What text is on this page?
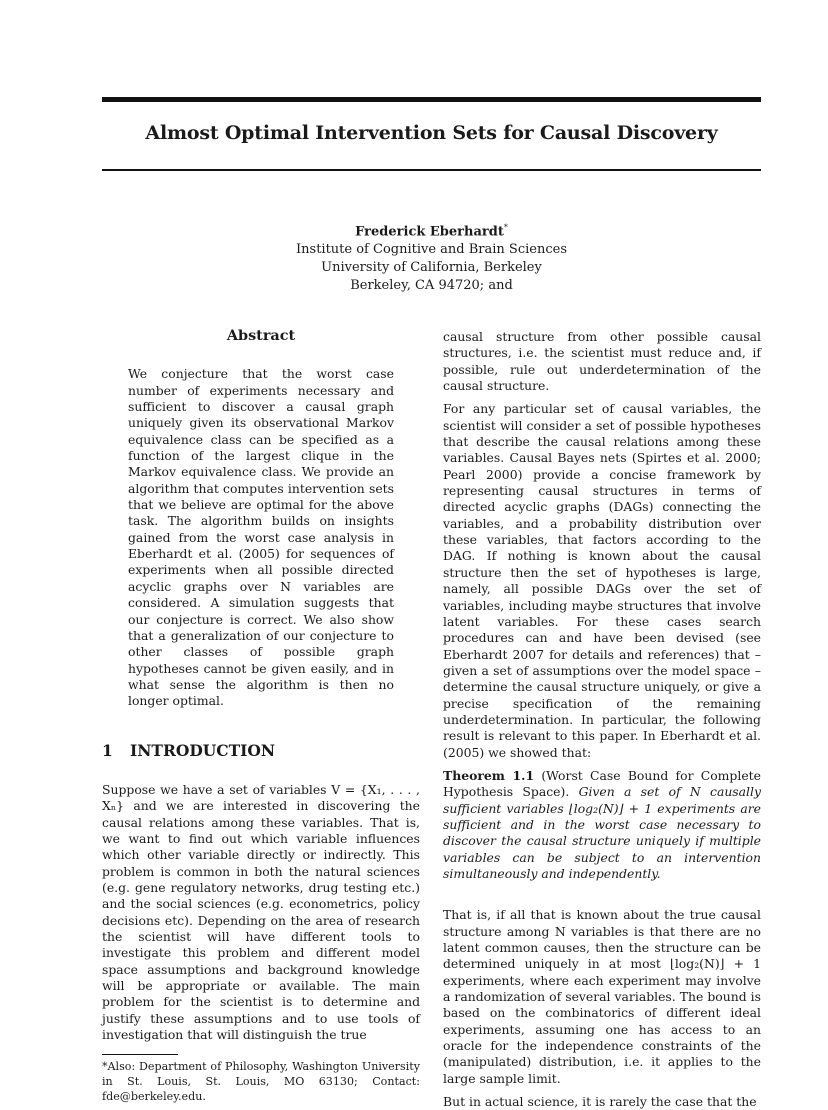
Almost Optimal Intervention Sets for Causal Discovery
Frederick Eberhardt*
Institute of Cognitive and Brain Sciences
University of California, Berkeley
Berkeley, CA 94720; and
Abstract

We conjecture that the worst case number of experiments necessary and sufficient to discover a causal graph uniquely given its observational Markov equivalence class can be specified as a function of the largest clique in the Markov equivalence class. We provide an algorithm that computes intervention sets that we believe are optimal for the above task. The algorithm builds on insights gained from the worst case analysis in Eberhardt et al. (2005) for sequences of experiments when all possible directed acyclic graphs over N variables are considered. A simulation suggests that our conjecture is correct. We also show that a generalization of our conjecture to other classes of possible graph hypotheses cannot be given easily, and in what sense the algorithm is then no longer optimal.

1	INTRODUCTION

Suppose we have a set of variables V = {X₁, . . . , Xₙ} and we are interested in discovering the causal relations among these variables. That is, we want to find out which variable influences which other variable directly or indirectly. This problem is common in both the natural sciences (e.g. gene regulatory networks, drug testing etc.) and the social sciences (e.g. econometrics, policy decisions etc). Depending on the area of research the scientist will have different tools to investigate this problem and different model space assumptions and background knowledge will be appropriate or available. The main problem for the scientist is to determine and justify these assumptions and to use tools of investigation that will distinguish the true

*Also: Department of Philosophy, Washington University in St. Louis, St. Louis, MO 63130; Contact: fde@berkeley.edu.

causal structure from other possible causal structures, i.e. the scientist must reduce and, if possible, rule out underdetermination of the causal structure.

For any particular set of causal variables, the scientist will consider a set of possible hypotheses that describe the causal relations among these variables. Causal Bayes nets (Spirtes et al. 2000; Pearl 2000) provide a concise framework by representing causal structures in terms of directed acyclic graphs (DAGs) connecting the variables, and a probability distribution over these variables, that factors according to the DAG. If nothing is known about the causal structure then the set of hypotheses is large, namely, all possible DAGs over the set of variables, including maybe structures that involve latent variables. For these cases search procedures can and have been devised (see Eberhardt 2007 for details and references) that – given a set of assumptions over the model space – determine the causal structure uniquely, or give a precise specification of the remaining underdetermination. In particular, the following result is relevant to this paper. In Eberhardt et al. (2005) we showed that:

Theorem 1.1 (Worst Case Bound for Complete Hypothesis Space). Given a set of N causally sufficient variables ⌊log₂(N)⌋ + 1 experiments are sufficient and in the worst case necessary to discover the causal structure uniquely if multiple variables can be subject to an intervention simultaneously and independently.

That is, if all that is known about the true causal structure among N variables is that there are no latent common causes, then the structure can be determined uniquely in at most ⌊log₂(N)⌋ + 1 experiments, where each experiment may involve a randomization of several variables. The bound is based on the combinatorics of different ideal experiments, assuming one has access to an oracle for the independence constraints of the (manipulated) distribution, i.e. it applies to the large sample limit.

But in actual science, it is rarely the case that the
